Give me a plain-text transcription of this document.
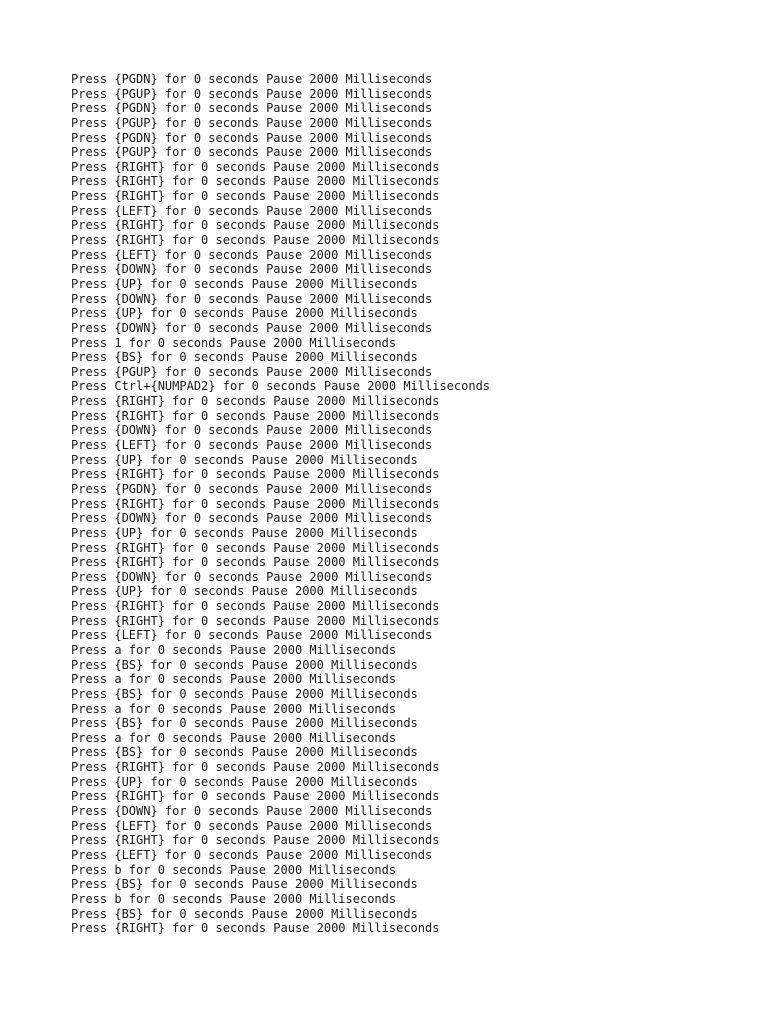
Press {PGDN} for 0 seconds Pause 2000 Milliseconds
Press {PGUP} for 0 seconds Pause 2000 Milliseconds
Press {PGDN} for 0 seconds Pause 2000 Milliseconds
Press {PGUP} for 0 seconds Pause 2000 Milliseconds
Press {PGDN} for 0 seconds Pause 2000 Milliseconds
Press {PGUP} for 0 seconds Pause 2000 Milliseconds
Press {RIGHT} for 0 seconds Pause 2000 Milliseconds
Press {RIGHT} for 0 seconds Pause 2000 Milliseconds
Press {RIGHT} for 0 seconds Pause 2000 Milliseconds
Press {LEFT} for 0 seconds Pause 2000 Milliseconds
Press {RIGHT} for 0 seconds Pause 2000 Milliseconds
Press {RIGHT} for 0 seconds Pause 2000 Milliseconds
Press {LEFT} for 0 seconds Pause 2000 Milliseconds
Press {DOWN} for 0 seconds Pause 2000 Milliseconds
Press {UP} for 0 seconds Pause 2000 Milliseconds
Press {DOWN} for 0 seconds Pause 2000 Milliseconds
Press {UP} for 0 seconds Pause 2000 Milliseconds
Press {DOWN} for 0 seconds Pause 2000 Milliseconds
Press 1 for 0 seconds Pause 2000 Milliseconds
Press {BS} for 0 seconds Pause 2000 Milliseconds
Press {PGUP} for 0 seconds Pause 2000 Milliseconds
Press Ctrl+{NUMPAD2} for 0 seconds Pause 2000 Milliseconds
Press {RIGHT} for 0 seconds Pause 2000 Milliseconds
Press {RIGHT} for 0 seconds Pause 2000 Milliseconds
Press {DOWN} for 0 seconds Pause 2000 Milliseconds
Press {LEFT} for 0 seconds Pause 2000 Milliseconds
Press {UP} for 0 seconds Pause 2000 Milliseconds
Press {RIGHT} for 0 seconds Pause 2000 Milliseconds
Press {PGDN} for 0 seconds Pause 2000 Milliseconds
Press {RIGHT} for 0 seconds Pause 2000 Milliseconds
Press {DOWN} for 0 seconds Pause 2000 Milliseconds
Press {UP} for 0 seconds Pause 2000 Milliseconds
Press {RIGHT} for 0 seconds Pause 2000 Milliseconds
Press {RIGHT} for 0 seconds Pause 2000 Milliseconds
Press {DOWN} for 0 seconds Pause 2000 Milliseconds
Press {UP} for 0 seconds Pause 2000 Milliseconds
Press {RIGHT} for 0 seconds Pause 2000 Milliseconds
Press {RIGHT} for 0 seconds Pause 2000 Milliseconds
Press {LEFT} for 0 seconds Pause 2000 Milliseconds
Press a for 0 seconds Pause 2000 Milliseconds
Press {BS} for 0 seconds Pause 2000 Milliseconds
Press a for 0 seconds Pause 2000 Milliseconds
Press {BS} for 0 seconds Pause 2000 Milliseconds
Press a for 0 seconds Pause 2000 Milliseconds
Press {BS} for 0 seconds Pause 2000 Milliseconds
Press a for 0 seconds Pause 2000 Milliseconds
Press {BS} for 0 seconds Pause 2000 Milliseconds
Press {RIGHT} for 0 seconds Pause 2000 Milliseconds
Press {UP} for 0 seconds Pause 2000 Milliseconds
Press {RIGHT} for 0 seconds Pause 2000 Milliseconds
Press {DOWN} for 0 seconds Pause 2000 Milliseconds
Press {LEFT} for 0 seconds Pause 2000 Milliseconds
Press {RIGHT} for 0 seconds Pause 2000 Milliseconds
Press {LEFT} for 0 seconds Pause 2000 Milliseconds
Press b for 0 seconds Pause 2000 Milliseconds
Press {BS} for 0 seconds Pause 2000 Milliseconds
Press b for 0 seconds Pause 2000 Milliseconds
Press {BS} for 0 seconds Pause 2000 Milliseconds
Press {RIGHT} for 0 seconds Pause 2000 Milliseconds
